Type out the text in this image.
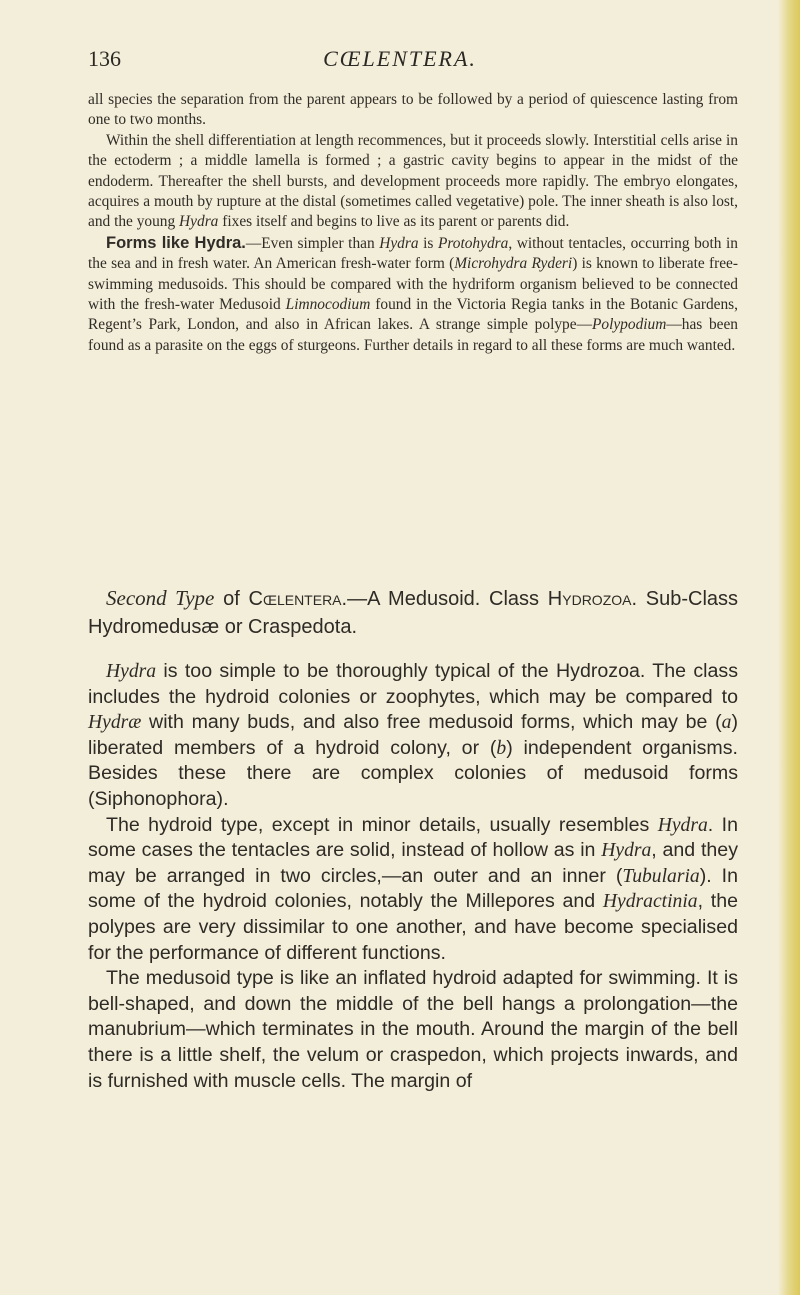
136	CŒLENTERA.

all species the separation from the parent appears to be followed by a period of quiescence lasting from one to two months.

Within the shell differentiation at length recommences, but it proceeds slowly. Interstitial cells arise in the ectoderm ; a middle lamella is formed ; a gastric cavity begins to appear in the midst of the endoderm. Thereafter the shell bursts, and development proceeds more rapidly. The embryo elongates, acquires a mouth by rupture at the distal (sometimes called vegetative) pole. The inner sheath is also lost, and the young Hydra fixes itself and begins to live as its parent or parents did.

Forms like Hydra.—Even simpler than Hydra is Protohydra, without tentacles, occurring both in the sea and in fresh water. An American fresh-water form (Microhydra Ryderi) is known to liberate free-swimming medusoids. This should be compared with the hydriform organism believed to be connected with the fresh-water Medusoid Limnocodium found in the Victoria Regia tanks in the Botanic Gardens, Regent’s Park, London, and also in African lakes. A strange simple polype—Polypodium—has been found as a parasite on the eggs of sturgeons. Further details in regard to all these forms are much wanted.

Second Type of Cœlentera.—A Medusoid. Class Hydrozoa. Sub-Class Hydromedusæ or Craspedota.

Hydra is too simple to be thoroughly typical of the Hydrozoa. The class includes the hydroid colonies or zoophytes, which may be compared to Hydræ with many buds, and also free medusoid forms, which may be (a) liberated members of a hydroid colony, or (b) independent organisms. Besides these there are complex colonies of medusoid forms (Siphonophora).

The hydroid type, except in minor details, usually resembles Hydra. In some cases the tentacles are solid, instead of hollow as in Hydra, and they may be arranged in two circles,—an outer and an inner (Tubularia). In some of the hydroid colonies, notably the Millepores and Hydractinia, the polypes are very dissimilar to one another, and have become specialised for the performance of different functions.

The medusoid type is like an inflated hydroid adapted for swimming. It is bell-shaped, and down the middle of the bell hangs a prolongation—the manubrium—which terminates in the mouth. Around the margin of the bell there is a little shelf, the velum or craspedon, which projects inwards, and is furnished with muscle cells. The margin of
